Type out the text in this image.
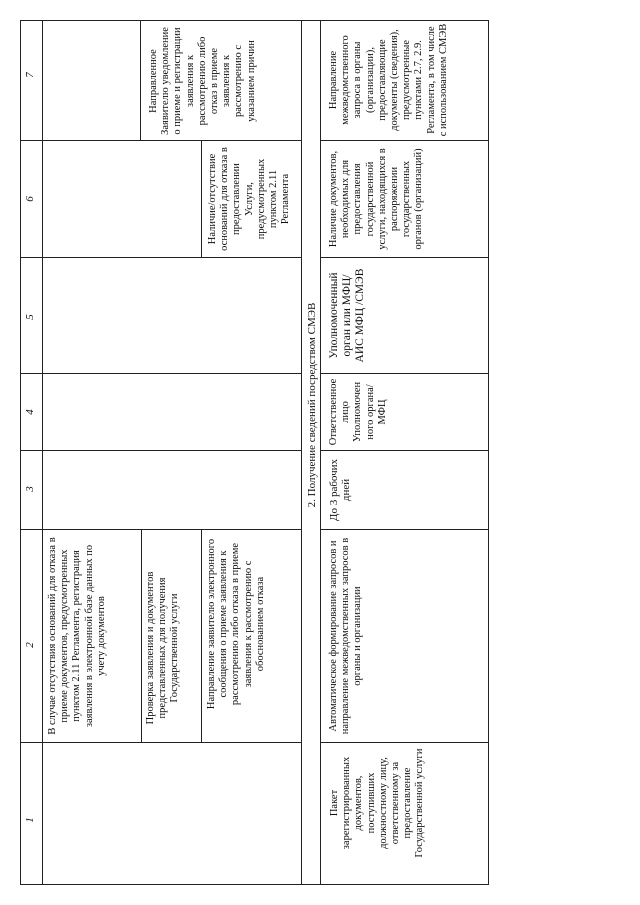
1
2
3
4
5
6
7
В случае отсутствия оснований для отказа в приеме документов, предусмотренных пунктом 2.11 Регламента, регистрация заявления в электронной базе данных по учету документов	Проверка заявления и документов представленных для получения Государственной услуги	Направление заявителю электронного сообщения о приеме заявления к рассмотрению либо отказа в приеме заявления к рассмотрению с обоснованием отказа
Наличие/отсутствие оснований для отказа в предоставлении Услуги, предусмотренных пунктом 2.11 Регламента
Направленное Заявителю уведомление о приеме и регистрации заявления к рассмотрению либо отказ в приеме заявления к рассмотрению с указанием причин
2. Получение сведений посредством СМЭВ
Пакет зарегистрированных документов, поступивших должностному лицу, ответственному за предоставление Государственной услуги
Автоматическое формирование запросов и направление межведомственных запросов в органы и организации
До 3 рабочих дней
Ответственное лицо Уполномочен ного органа/ МФЦ
Уполномоченный орган или МФЦ/ АИС МФЦ /СМЭВ
Наличие документов, необходимых для предоставления государственной услуги, находящихся в распоряжении государственных органов (организаций)
Направление межведомственного запроса в органы (организации), предоставляющие документы (сведения), предусмотренные пунктами 2.7, 2.9. Регламента, в том числе с использованием СМЭВ
